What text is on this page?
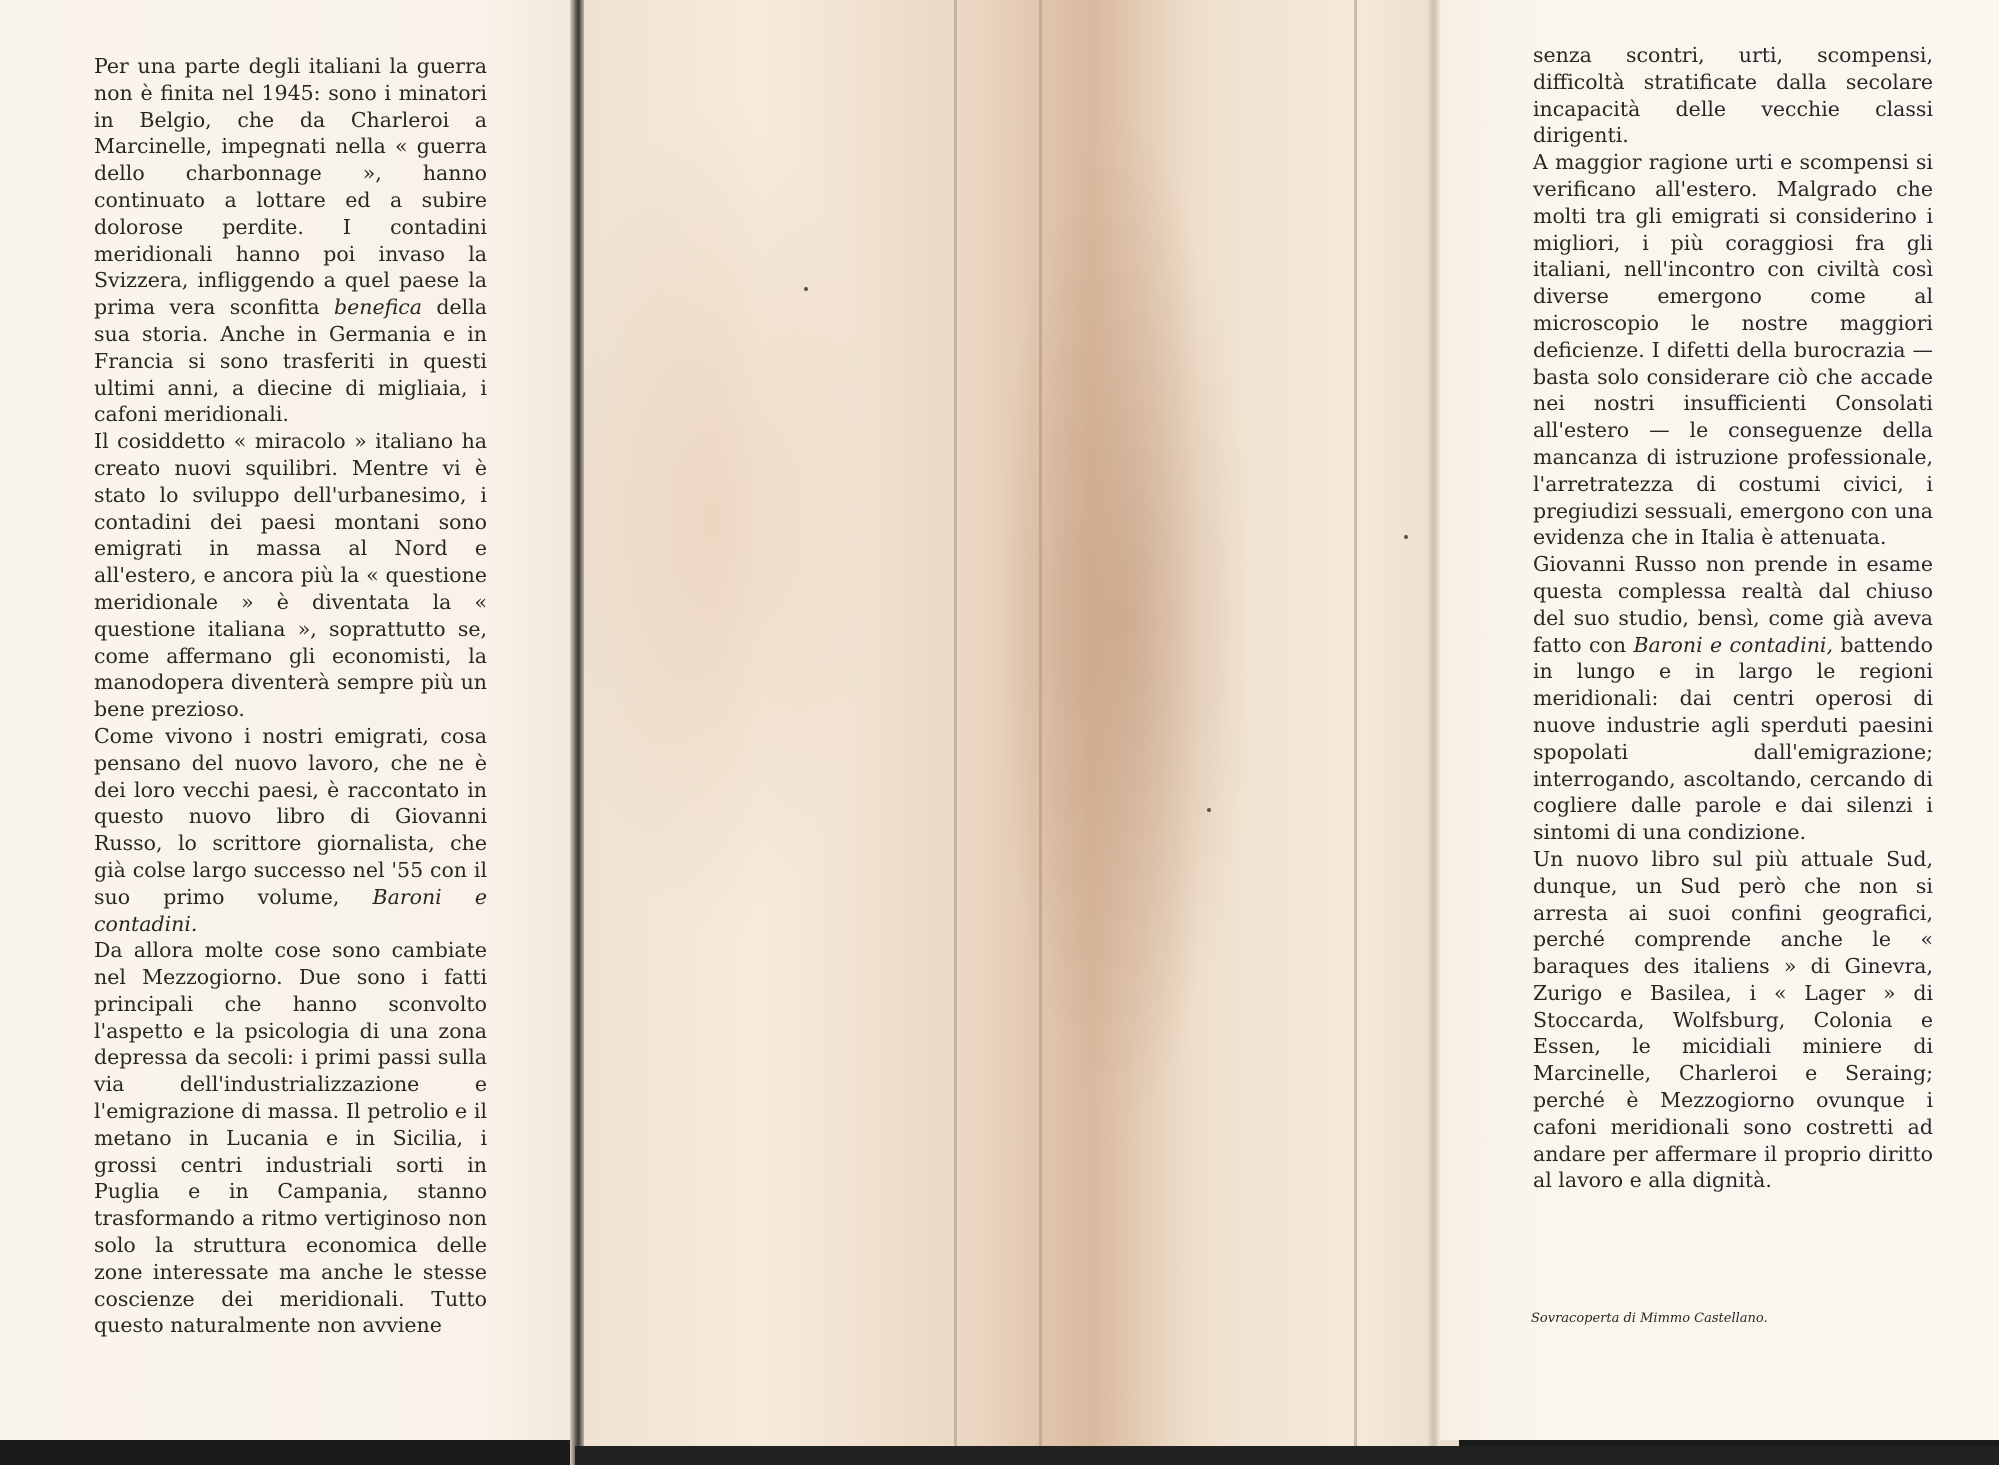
Per una parte degli italiani la guerra non è finita nel 1945: sono i minatori in Belgio, che da Charleroi a Marcinelle, impegnati nella « guerra dello charbonnage », hanno continuato a lottare ed a subire dolorose perdite. I contadini meridionali hanno poi invaso la Svizzera, infliggendo a quel paese la prima vera sconfitta benefica della sua storia. Anche in Germania e in Francia si sono trasferiti in questi ultimi anni, a diecine di migliaia, i cafoni meridionali.

Il cosiddetto « miracolo » italiano ha creato nuovi squilibri. Mentre vi è stato lo sviluppo dell'urbanesimo, i contadini dei paesi montani sono emigrati in massa al Nord e all'estero, e ancora più la « questione meridionale » è diventata la « questione italiana », soprattutto se, come affermano gli economisti, la manodopera diventerà sempre più un bene prezioso.

Come vivono i nostri emigrati, cosa pensano del nuovo lavoro, che ne è dei loro vecchi paesi, è raccontato in questo nuovo libro di Giovanni Russo, lo scrittore giornalista, che già colse largo successo nel '55 con il suo primo volume, Baroni e contadini.

Da allora molte cose sono cambiate nel Mezzogiorno. Due sono i fatti principali che hanno sconvolto l'aspetto e la psicologia di una zona depressa da secoli: i primi passi sulla via dell'industrializzazione e l'emigrazione di massa. Il petrolio e il metano in Lucania e in Sicilia, i grossi centri industriali sorti in Puglia e in Campania, stanno trasformando a ritmo vertiginoso non solo la struttura economica delle zone interessate ma anche le stesse coscienze dei meridionali. Tutto questo naturalmente non avviene

senza scontri, urti, scompensi, difficoltà stratificate dalla secolare incapacità delle vecchie classi dirigenti.

A maggior ragione urti e scompensi si verificano all'estero. Malgrado che molti tra gli emigrati si considerino i migliori, i più coraggiosi fra gli italiani, nell'incontro con civiltà così diverse emergono come al microscopio le nostre maggiori deficienze. I difetti della burocrazia — basta solo considerare ciò che accade nei nostri insufficienti Consolati all'estero — le conseguenze della mancanza di istruzione professionale, l'arretratezza di costumi civici, i pregiudizi sessuali, emergono con una evidenza che in Italia è attenuata.

Giovanni Russo non prende in esame questa complessa realtà dal chiuso del suo studio, bensì, come già aveva fatto con Baroni e contadini, battendo in lungo e in largo le regioni meridionali: dai centri operosi di nuove industrie agli sperduti paesini spopolati dall'emigrazione; interrogando, ascoltando, cercando di cogliere dalle parole e dai silenzi i sintomi di una condizione.

Un nuovo libro sul più attuale Sud, dunque, un Sud però che non si arresta ai suoi confini geografici, perché comprende anche le « baraques des italiens » di Ginevra, Zurigo e Basilea, i « Lager » di Stoccarda, Wolfsburg, Colonia e Essen, le micidiali miniere di Marcinelle, Charleroi e Seraing; perché è Mezzogiorno ovunque i cafoni meridionali sono costretti ad andare per affermare il proprio diritto al lavoro e alla dignità.

Sovracoperta di Mimmo Castellano.
